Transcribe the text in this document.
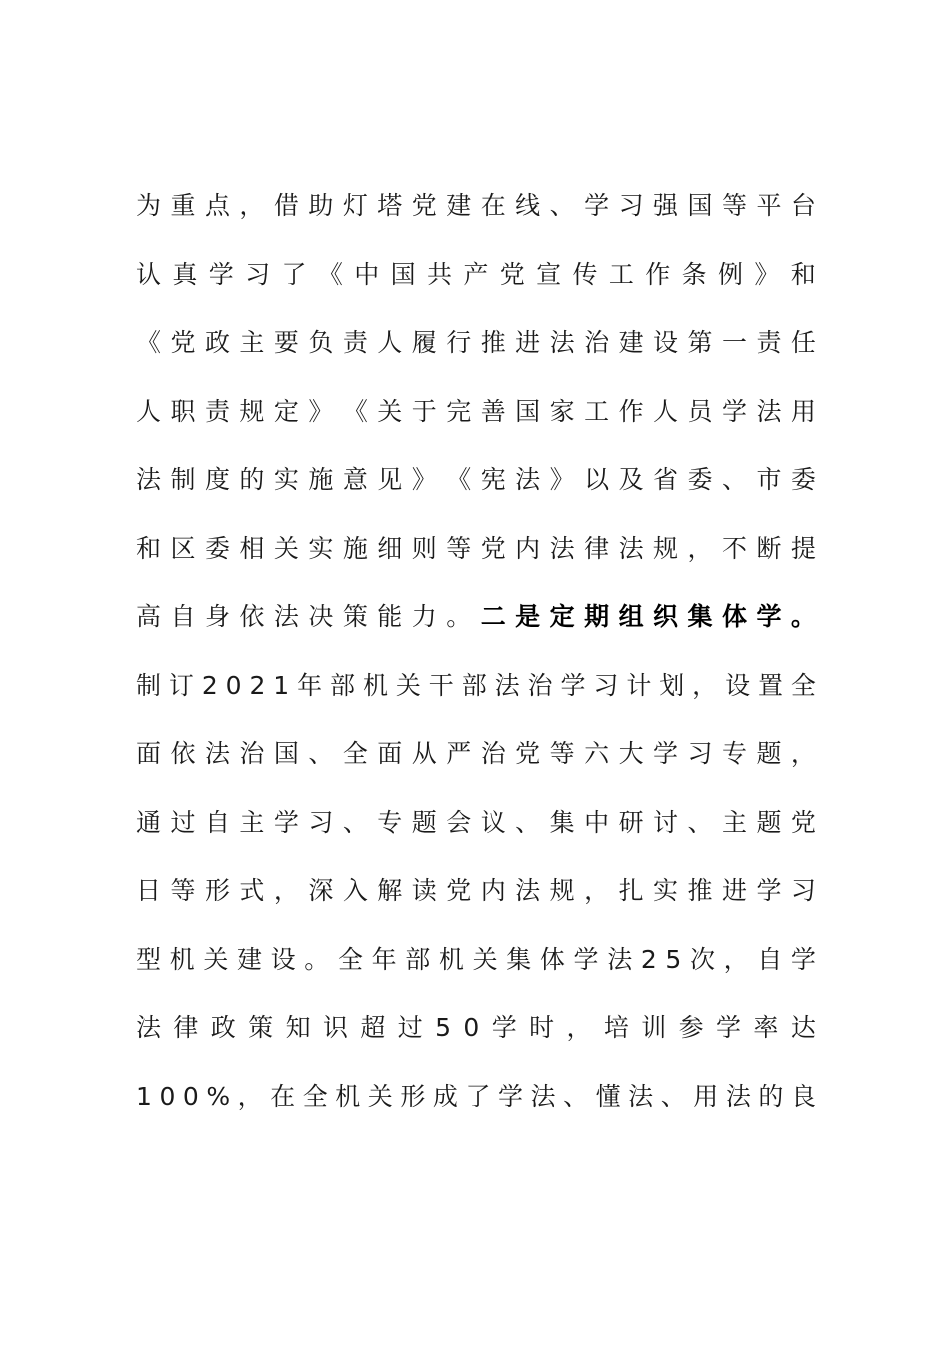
为 重 点 ， 借 助 灯 塔 党 建 在 线 、 学 习 强 国 等 平 台
认 真 学 习 了 《 中 国 共 产 党 宣 传 工 作 条 例 》 和
《 党 政 主 要 负 责 人 履 行 推 进 法 治 建 设 第 一 责 任
人 职 责 规 定 》 《 关 于 完 善 国 家 工 作 人 员 学 法 用
法 制 度 的 实 施 意 见 》 《 宪 法 》 以 及 省 委 、 市 委
和 区 委 相 关 实 施 细 则 等 党 内 法 律 法 规 ， 不 断 提
高 自 身 依 法 决 策 能 力 。 二 是 定 期 组 织 集 体 学 。
制 订 2 0 2 1 年 部 机 关 干 部 法 治 学 习 计 划 ， 设 置 全
面 依 法 治 国 、 全 面 从 严 治 党 等 六 大 学 习 专 题 ，
通 过 自 主 学 习 、 专 题 会 议 、 集 中 研 讨 、 主 题 党
日 等 形 式 ， 深 入 解 读 党 内 法 规 ， 扎 实 推 进 学 习
型 机 关 建 设 。 全 年 部 机 关 集 体 学 法 2 5 次 ， 自 学
法 律 政 策 知 识 超 过 5 0 学 时 ， 培 训 参 学 率 达
1 0 0 % ， 在 全 机 关 形 成 了 学 法 、 懂 法 、 用 法 的 良
